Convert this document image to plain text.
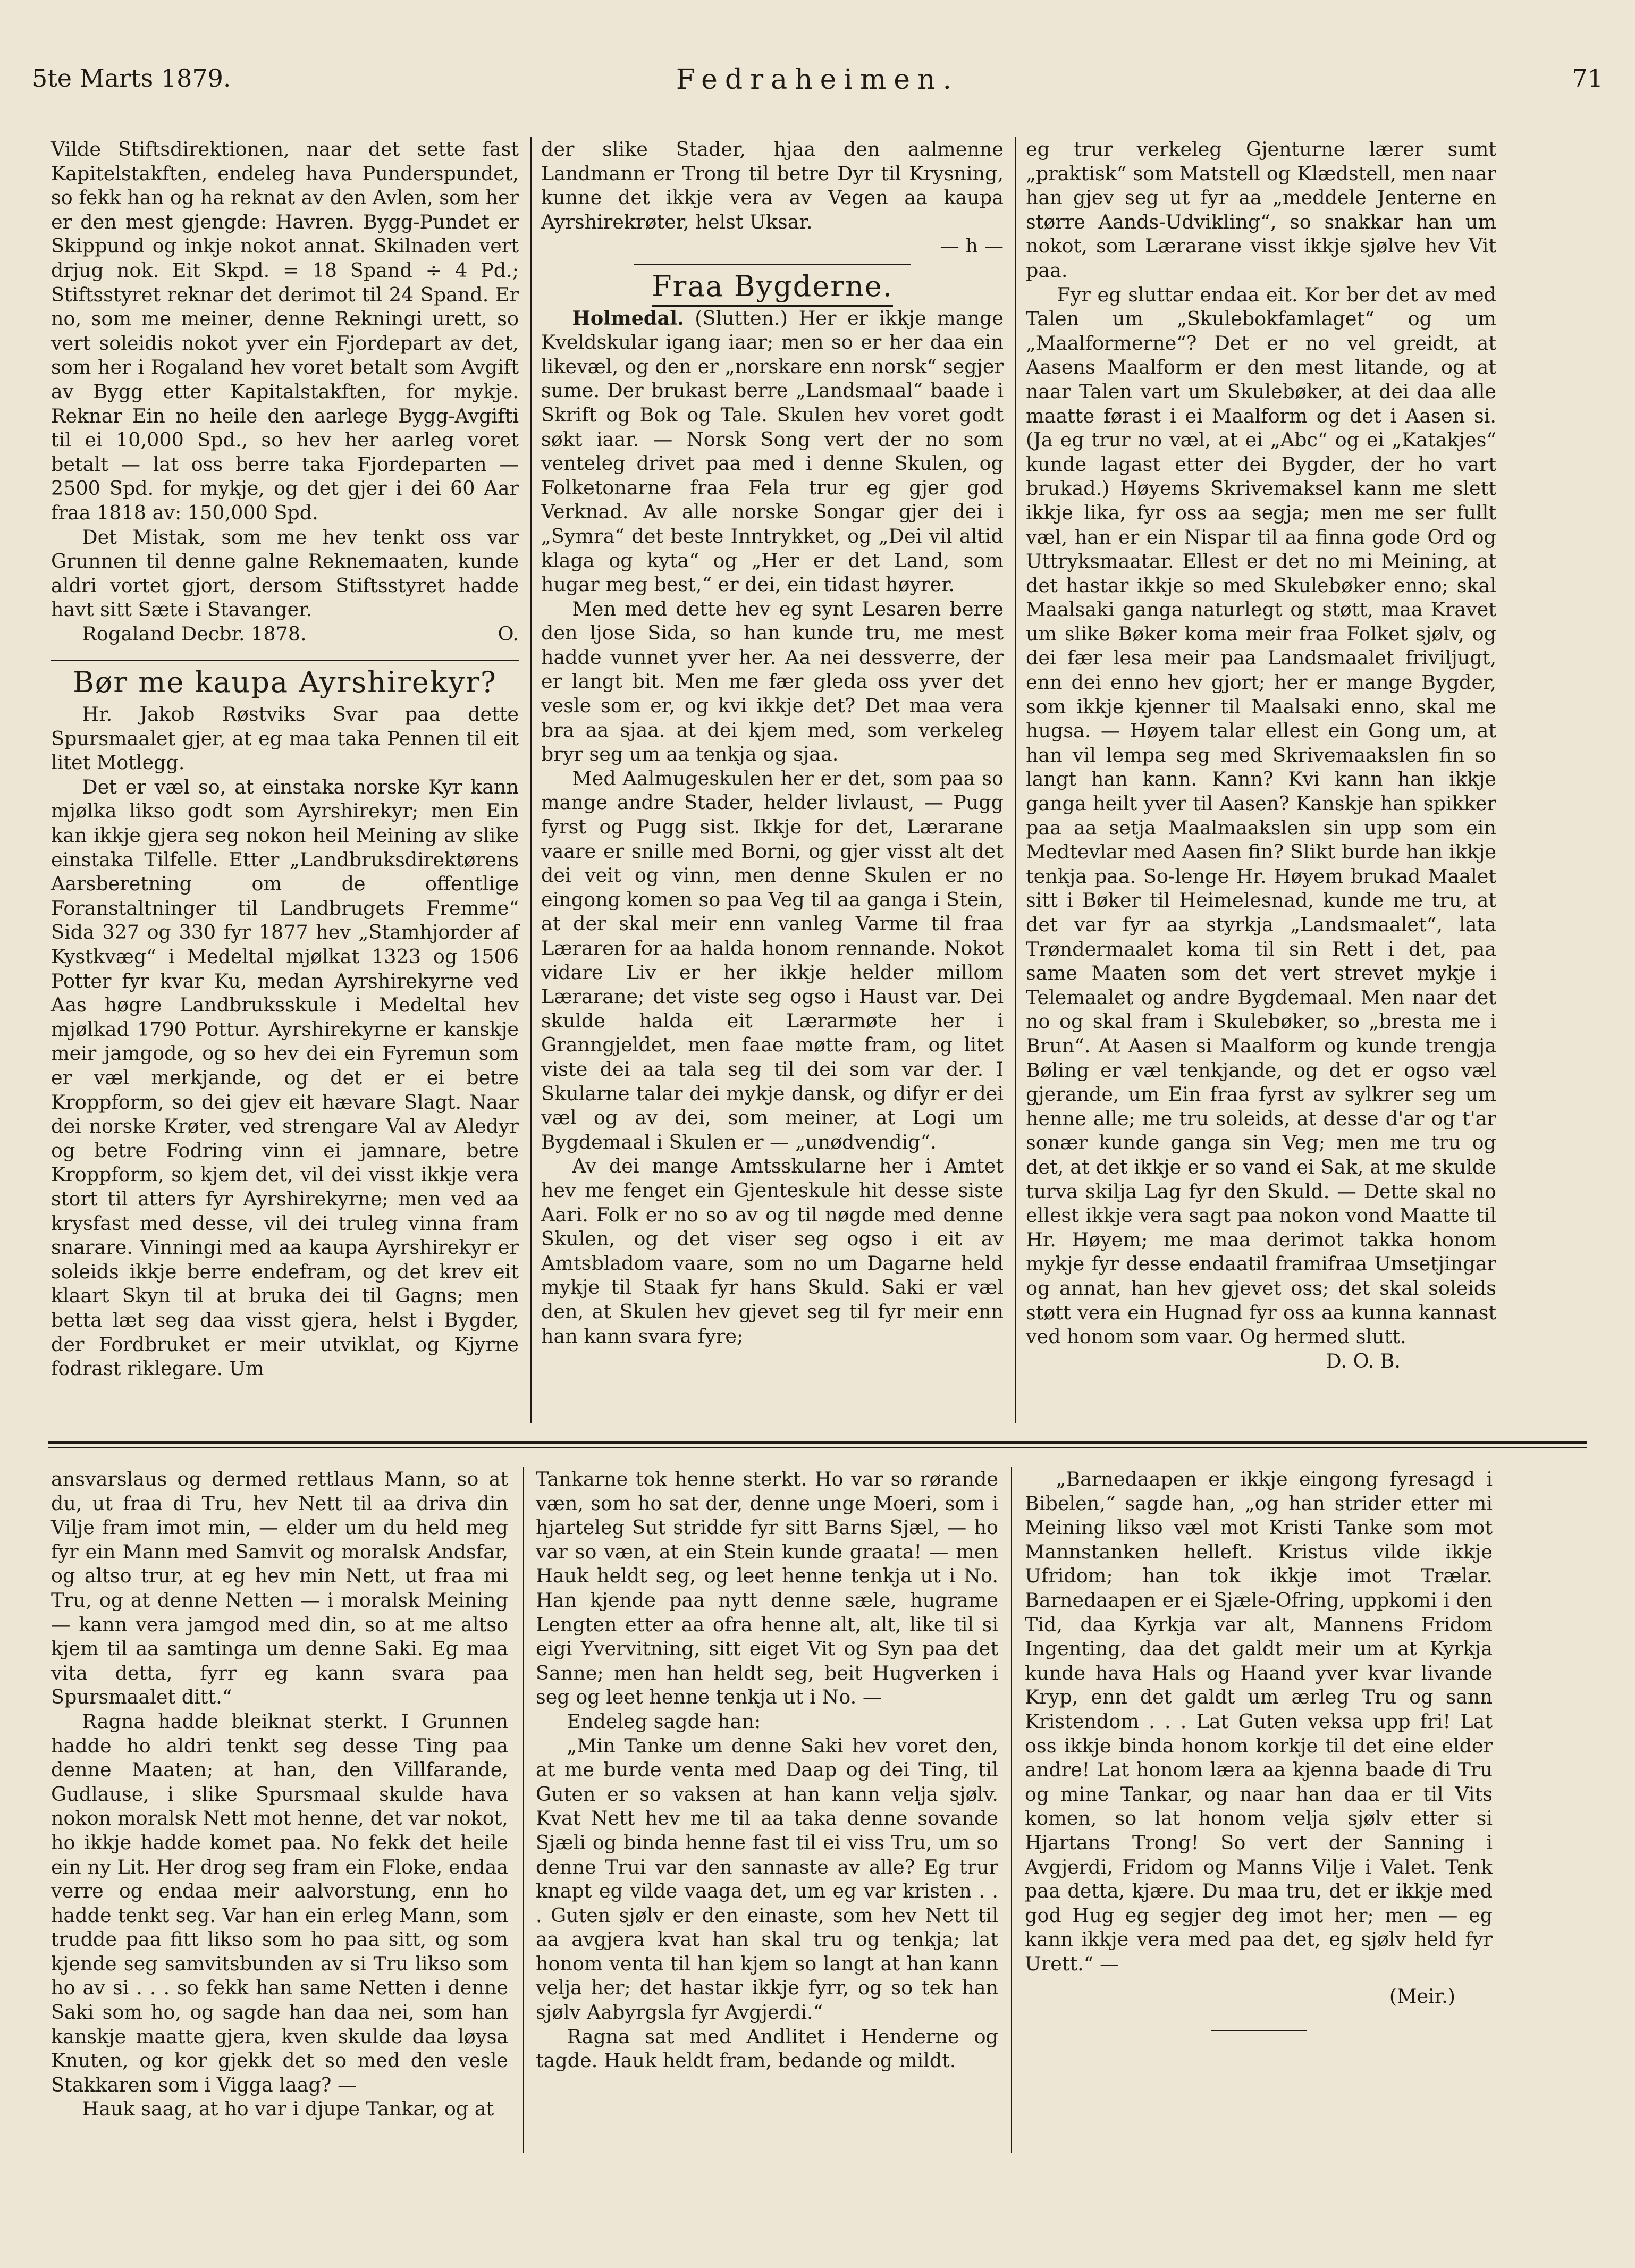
5te Marts 1879.	Fedraheimen.	71

Vilde Stiftsdirektionen, naar det sette fast Kapitelstakften, endeleg hava Punderspundet, so fekk han og ha reknat av den Avlen, som her er den mest gjengde: Havren. Bygg-Pundet er Skippund og inkje nokot annat. Skilnaden vert drjug nok. Eit Skpd. = 18 Spand ÷ 4 Pd.; Stiftsstyret reknar det derimot til 24 Spand. Er no, som me meiner, denne Rekningi urett, so vert soleidis nokot yver ein Fjordepart av det, som her i Rogaland hev voret betalt som Avgift av Bygg etter Kapitalstakften, for mykje. Reknar Ein no heile den aarlege Bygg-Avgifti til ei 10,000 Spd., so hev her aarleg voret betalt — lat oss berre taka Fjordeparten — 2500 Spd. for mykje, og det gjer i dei 60 Aar fraa 1818 av: 150,000 Spd.

Det Mistak, som me hev tenkt oss var Grunnen til denne galne Reknemaaten, kunde aldri vortet gjort, dersom Stiftsstyret hadde havt sitt Sæte i Stavanger.

Rogaland Decbr. 1878.	O.

Bør me kaupa Ayrshirekyr?

Hr. Jakob Røstviks Svar paa dette Spursmaalet gjer, at eg maa taka Pennen til eit litet Motlegg.

Det er væl so, at einstaka norske Kyr kann mjølka likso godt som Ayrshirekyr; men Ein kan ikkje gjera seg nokon heil Meining av slike einstaka Tilfelle. Etter „Landbruksdirektørens Aarsberetning om de offentlige Foranstaltninger til Landbrugets Fremme“ Sida 327 og 330 fyr 1877 hev „Stamhjorder af Kystkvæg“ i Medeltal mjølkat 1323 og 1506 Potter fyr kvar Ku, medan Ayrshirekyrne ved Aas høgre Landbruksskule i Medeltal hev mjølkad 1790 Pottur. Ayrshirekyrne er kanskje meir jamgode, og so hev dei ein Fyremun som er væl merkjande, og det er ei betre Kroppform, so dei gjev eit hævare Slagt. Naar dei norske Krøter, ved strengare Val av Aledyr og betre Fodring vinn ei jamnare, betre Kroppform, so kjem det, vil dei visst ikkje vera stort til atters fyr Ayrshirekyrne; men ved aa krysfast med desse, vil dei truleg vinna fram snarare. Vinningi med aa kaupa Ayrshirekyr er soleids ikkje berre endefram, og det krev eit klaart Skyn til at bruka dei til Gagns; men betta læt seg daa visst gjera, helst i Bygder, der Fordbruket er meir utviklat, og Kjyrne fodrast riklegare. Um

der slike Stader, hjaa den aalmenne Landmann er Trong til betre Dyr til Krysning, kunne det ikkje vera av Vegen aa kaupa Ayrshirekrøter, helst Uksar.

— h —

Fraa Bygderne.

Holmedal. (Slutten.) Her er ikkje mange Kveldskular igang iaar; men so er her daa ein likevæl, og den er „norskare enn norsk“ segjer sume. Der brukast berre „Landsmaal“ baade i Skrift og Bok og Tale. Skulen hev voret godt søkt iaar. — Norsk Song vert der no som venteleg drivet paa med i denne Skulen, og Folketonarne fraa Fela trur eg gjer god Verknad. Av alle norske Songar gjer dei i „Symra“ det beste Inntrykket, og „Dei vil altid klaga og kyta“ og „Her er det Land, som hugar meg best,“ er dei, ein tidast høyrer.

Men med dette hev eg synt Lesaren berre den ljose Sida, so han kunde tru, me mest hadde vunnet yver her. Aa nei dessverre, der er langt bit. Men me fær gleda oss yver det vesle som er, og kvi ikkje det? Det maa vera bra aa sjaa. at dei kjem med, som verkeleg bryr seg um aa tenkja og sjaa.

Med Aalmugeskulen her er det, som paa so mange andre Stader, helder livlaust, — Pugg fyrst og Pugg sist. Ikkje for det, Lærarane vaare er snille med Borni, og gjer visst alt det dei veit og vinn, men denne Skulen er no eingong komen so paa Veg til aa ganga i Stein, at der skal meir enn vanleg Varme til fraa Læraren for aa halda honom rennande. Nokot vidare Liv er her ikkje helder millom Lærarane; det viste seg ogso i Haust var. Dei skulde halda eit Lærarmøte her i Granngjeldet, men faae møtte fram, og litet viste dei aa tala seg til dei som var der. I Skularne talar dei mykje dansk, og difyr er dei væl og av dei, som meiner, at Logi um Bygdemaal i Skulen er — „unødvendig“.

Av dei mange Amtsskularne her i Amtet hev me fenget ein Gjenteskule hit desse siste Aari. Folk er no so av og til nøgde med denne Skulen, og det viser seg ogso i eit av Amtsbladom vaare, som no um Dagarne held mykje til Staak fyr hans Skuld. Saki er væl den, at Skulen hev gjevet seg til fyr meir enn han kann svara fyre;

eg trur verkeleg Gjenturne lærer sumt „praktisk“ som Matstell og Klædstell, men naar han gjev seg ut fyr aa „meddele Jenterne en større Aands-Udvikling“, so snakkar han um nokot, som Lærarane visst ikkje sjølve hev Vit paa.

Fyr eg sluttar endaa eit. Kor ber det av med Talen um „Skulebokfamlaget“ og um „Maalformerne“? Det er no vel greidt, at Aasens Maalform er den mest litande, og at naar Talen vart um Skulebøker, at dei daa alle maatte førast i ei Maalform og det i Aasen si. (Ja eg trur no væl, at ei „Abc“ og ei „Katakjes“ kunde lagast etter dei Bygder, der ho vart brukad.) Høyems Skrivemaksel kann me slett ikkje lika, fyr oss aa segja; men me ser fullt væl, han er ein Nispar til aa finna gode Ord og Uttryksmaatar. Ellest er det no mi Meining, at det hastar ikkje so med Skulebøker enno; skal Maalsaki ganga naturlegt og støtt, maa Kravet um slike Bøker koma meir fraa Folket sjølv, og dei fær lesa meir paa Landsmaalet friviljugt, enn dei enno hev gjort; her er mange Bygder, som ikkje kjenner til Maalsaki enno, skal me hugsa. — Høyem talar ellest ein Gong um, at han vil lempa seg med Skrivemaakslen fin so langt han kann. Kann? Kvi kann han ikkje ganga heilt yver til Aasen? Kanskje han spikker paa aa setja Maalmaakslen sin upp som ein Medtevlar med Aasen fin? Slikt burde han ikkje tenkja paa. So-lenge Hr. Høyem brukad Maalet sitt i Bøker til Heimelesnad, kunde me tru, at det var fyr aa styrkja „Landsmaalet“, lata Trøndermaalet koma til sin Rett i det, paa same Maaten som det vert strevet mykje i Telemaalet og andre Bygdemaal. Men naar det no og skal fram i Skulebøker, so „bresta me i Brun“. At Aasen si Maalform og kunde trengja Bøling er væl tenkjande, og det er ogso væl gjerande, um Ein fraa fyrst av sylkrer seg um henne alle; me tru soleids, at desse d'ar og t'ar sonær kunde ganga sin Veg; men me tru og det, at det ikkje er so vand ei Sak, at me skulde turva skilja Lag fyr den Skuld. — Dette skal no ellest ikkje vera sagt paa nokon vond Maatte til Hr. Høyem; me maa derimot takka honom mykje fyr desse endaatil framifraa Umsetjingar og annat, han hev gjevet oss; det skal soleids støtt vera ein Hugnad fyr oss aa kunna kannast ved honom som vaar. Og hermed slutt.

D. O. B.

ansvarslaus og dermed rettlaus Mann, so at du, ut fraa di Tru, hev Nett til aa driva din Vilje fram imot min, — elder um du held meg fyr ein Mann med Samvit og moralsk Andsfar, og altso trur, at eg hev min Nett, ut fraa mi Tru, og at denne Netten — i moralsk Meining — kann vera jamgod med din, so at me altso kjem til aa samtinga um denne Saki. Eg maa vita detta, fyrr eg kann svara paa Spursmaalet ditt.“

Ragna hadde bleiknat sterkt. I Grunnen hadde ho aldri tenkt seg desse Ting paa denne Maaten; at han, den Villfarande, Gudlause, i slike Spursmaal skulde hava nokon moralsk Nett mot henne, det var nokot, ho ikkje hadde komet paa. No fekk det heile ein ny Lit. Her drog seg fram ein Floke, endaa verre og endaa meir aalvorstung, enn ho hadde tenkt seg. Var han ein erleg Mann, som trudde paa fitt likso som ho paa sitt, og som kjende seg samvitsbunden av si Tru likso som ho av si . . . so fekk han same Netten i denne Saki som ho, og sagde han daa nei, som han kanskje maatte gjera, kven skulde daa løysa Knuten, og kor gjekk det so med den vesle Stakkaren som i Vigga laag? —

Hauk saag, at ho var i djupe Tankar, og at

Tankarne tok henne sterkt. Ho var so rørande væn, som ho sat der, denne unge Moeri, som i hjarteleg Sut stridde fyr sitt Barns Sjæl, — ho var so væn, at ein Stein kunde graata! — men Hauk heldt seg, og leet henne tenkja ut i No. Han kjende paa nytt denne sæle, hugrame Lengten etter aa ofra henne alt, alt, like til si eigi Yvervitning, sitt eiget Vit og Syn paa det Sanne; men han heldt seg, beit Hugverken i seg og leet henne tenkja ut i No. —

Endeleg sagde han:

„Min Tanke um denne Saki hev voret den, at me burde venta med Daap og dei Ting, til Guten er so vaksen at han kann velja sjølv. Kvat Nett hev me til aa taka denne sovande Sjæli og binda henne fast til ei viss Tru, um so denne Trui var den sannaste av alle? Eg trur knapt eg vilde vaaga det, um eg var kristen . . . Guten sjølv er den einaste, som hev Nett til aa avgjera kvat han skal tru og tenkja; lat honom venta til han kjem so langt at han kann velja her; det hastar ikkje fyrr, og so tek han sjølv Aabyrgsla fyr Avgjerdi.“

Ragna sat med Andlitet i Henderne og tagde. Hauk heldt fram, bedande og mildt.

„Barnedaapen er ikkje eingong fyresagd i Bibelen,“ sagde han, „og han strider etter mi Meining likso væl mot Kristi Tanke som mot Mannstanken helleft. Kristus vilde ikkje Ufridom; han tok ikkje imot Trælar. Barnedaapen er ei Sjæle-Ofring, uppkomi i den Tid, daa Kyrkja var alt, Mannens Fridom Ingenting, daa det galdt meir um at Kyrkja kunde hava Hals og Haand yver kvar livande Kryp, enn det galdt um ærleg Tru og sann Kristendom . . . Lat Guten veksa upp fri! Lat oss ikkje binda honom korkje til det eine elder andre! Lat honom læra aa kjenna baade di Tru og mine Tankar, og naar han daa er til Vits komen, so lat honom velja sjølv etter si Hjartans Trong! So vert der Sanning i Avgjerdi, Fridom og Manns Vilje i Valet. Tenk paa detta, kjære. Du maa tru, det er ikkje med god Hug eg segjer deg imot her; men — eg kann ikkje vera med paa det, eg sjølv held fyr Urett.“ —

(Meir.)
